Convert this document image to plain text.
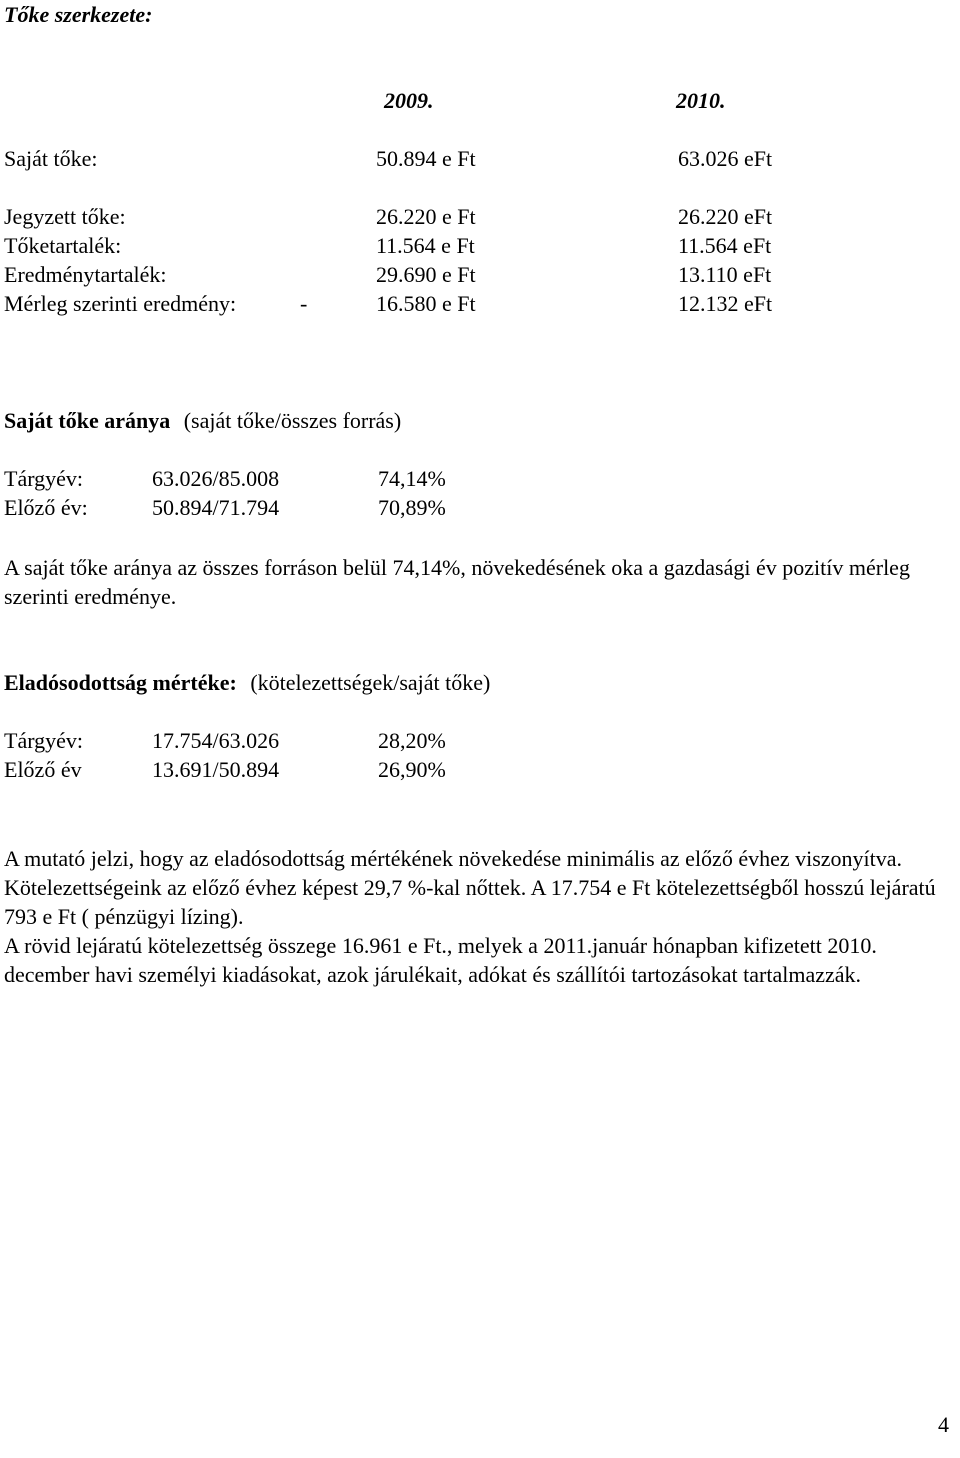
Tőke szerkezete:
2009.	2010.
Saját tőke:	50.894 e Ft	63.026 eFt
Jegyzett tőke:	26.220 e Ft	26.220 eFt
Tőketartalék:	11.564 e Ft	11.564 eFt
Eredménytartalék:	29.690 e Ft	13.110 eFt
Mérleg szerinti eredmény:	-	16.580 e Ft	12.132 eFt
Saját tőke aránya (saját tőke/összes forrás)
Tárgyév:	63.026/85.008	74,14%
Előző év:	50.894/71.794	70,89%

A saját tőke aránya az összes forráson belül 74,14%, növekedésének oka a gazdasági év pozitív mérleg szerinti eredménye.

Eladósodottság mértéke: (kötelezettségek/saját tőke)
Tárgyév:	17.754/63.026	28,20%
Előző év	13.691/50.894	26,90%

A mutató jelzi, hogy az eladósodottság mértékének növekedése minimális az előző évhez viszonyítva.

Kötelezettségeink az előző évhez képest 29,7 %-kal nőttek. A 17.754 e Ft kötelezettségből hosszú lejáratú 793 e Ft ( pénzügyi lízing).

A rövid lejáratú kötelezettség összege 16.961 e Ft., melyek a 2011.január hónapban kifizetett 2010. december havi személyi kiadásokat, azok járulékait, adókat és szállítói tartozásokat tartalmazzák.

4
